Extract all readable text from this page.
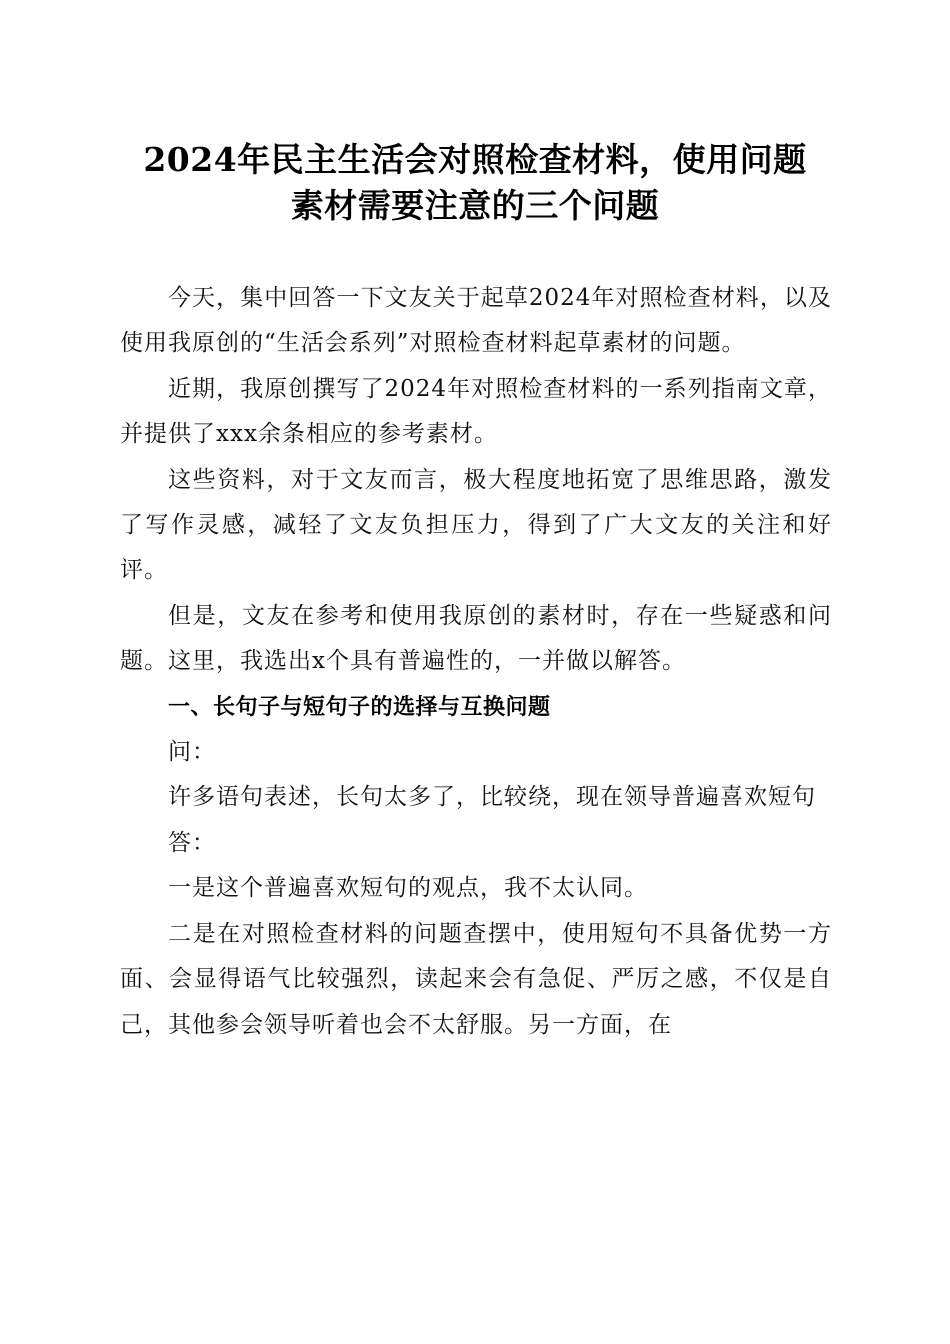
2024年民主生活会对照检查材料，使用问题
素材需要注意的三个问题

今天，集中回答一下文友关于起草2024年对照检查材料，以及使用我原创的“生活会系列”对照检查材料起草素材的问题。

近期，我原创撰写了2024年对照检查材料的一系列指南文章，并提供了xxx余条相应的参考素材。

这些资料，对于文友而言，极大程度地拓宽了思维思路，激发了写作灵感，减轻了文友负担压力，得到了广大文友的关注和好评。

但是，文友在参考和使用我原创的素材时，存在一些疑惑和问题。这里，我选出x个具有普遍性的，一并做以解答。

一、长句子与短句子的选择与互换问题

问：

许多语句表述，长句太多了，比较绕，现在领导普遍喜欢短句

答：

一是这个普遍喜欢短句的观点，我不太认同。

二是在对照检查材料的问题查摆中，使用短句不具备优势一方面、会显得语气比较强烈，读起来会有急促、严厉之感，不仅是自己，其他参会领导听着也会不太舒服。另一方面，在
